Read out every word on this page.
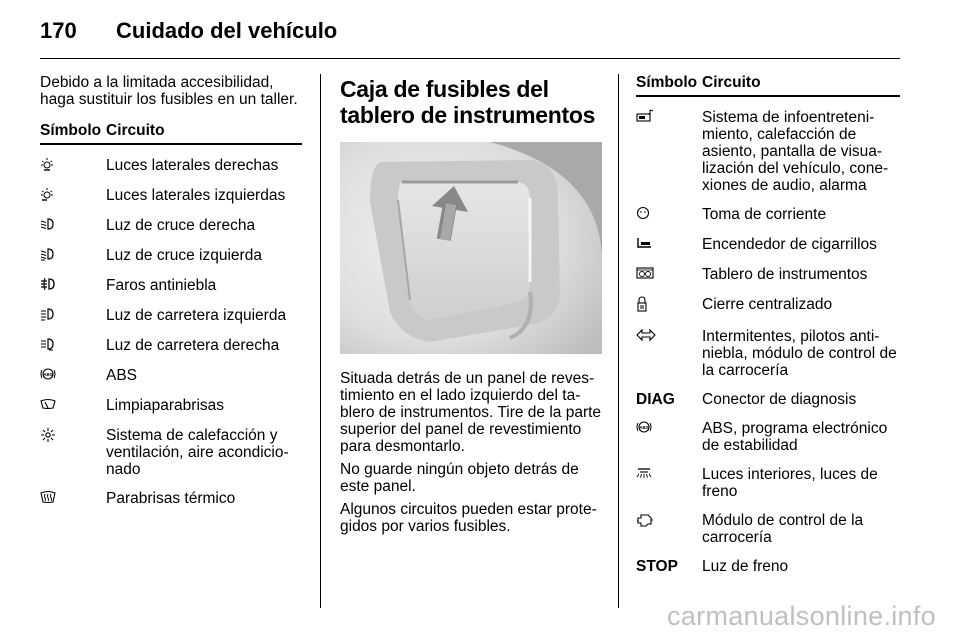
170 Cuidado del vehículo

Debido a la limitada accesibilidad, haga sustituir los fusibles en un taller.

Símbolo Circuito
Luces laterales derechas
Luces laterales izquierdas
Luz de cruce derecha
Luz de cruce izquierda
Faros antiniebla
Luz de carretera izquierda
Luz de carretera derecha
ABS	ABS
Limpiaparabrisas
Sistema de calefacción y ventilación, aire acondicio-nado
Parabrisas térmico
Caja de fusibles del tablero de instrumentos

Situada detrás de un panel de reves-timiento en el lado izquierdo del ta-blero de instrumentos. Tire de la parte superior del panel de revestimiento para desmontarlo.

No guarde ningún objeto detrás de este panel.

Algunos circuitos pueden estar prote-gidos por varios fusibles.

Símbolo Circuito
Sistema de infoentreteni-miento, calefacción de asiento, pantalla de visua-lización del vehículo, cone-xiones de audio, alarma
Toma de corriente
Encendedor de cigarrillos
Tablero de instrumentos
Cierre centralizado
Intermitentes, pilotos anti-niebla, módulo de control de la carrocería
DIAG	Conector de diagnosis
ABS	ABS, programa electrónico de estabilidad
Luces interiores, luces de freno
Módulo de control de la carrocería
STOP	Luz de freno
carmanualsonline.info
